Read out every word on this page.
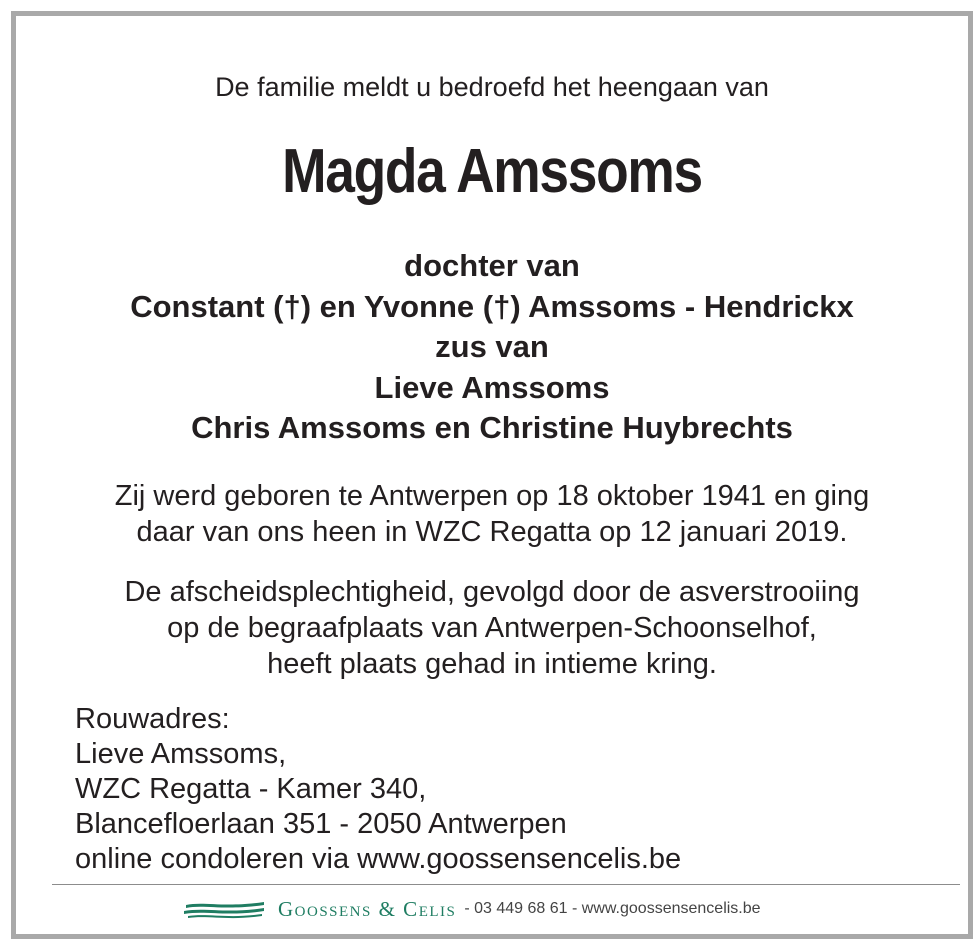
De familie meldt u bedroefd het heengaan van
Magda Amssoms
dochter van
Constant (†) en Yvonne (†) Amssoms - Hendrickx
zus van
Lieve Amssoms
Chris Amssoms en Christine Huybrechts
Zij werd geboren te Antwerpen op 18 oktober 1941 en ging
daar van ons heen in WZC Regatta op 12 januari 2019.
De afscheidsplechtigheid, gevolgd door de asverstrooiing
op de begraafplaats van Antwerpen-Schoonselhof,
heeft plaats gehad in intieme kring.
Rouwadres:
Lieve Amssoms,
WZC Regatta - Kamer 340,
Blancefloerlaan 351 - 2050 Antwerpen
online condoleren via www.goossensencelis.be
Goossens & Celis - 03 449 68 61 - www.goossensencelis.be
